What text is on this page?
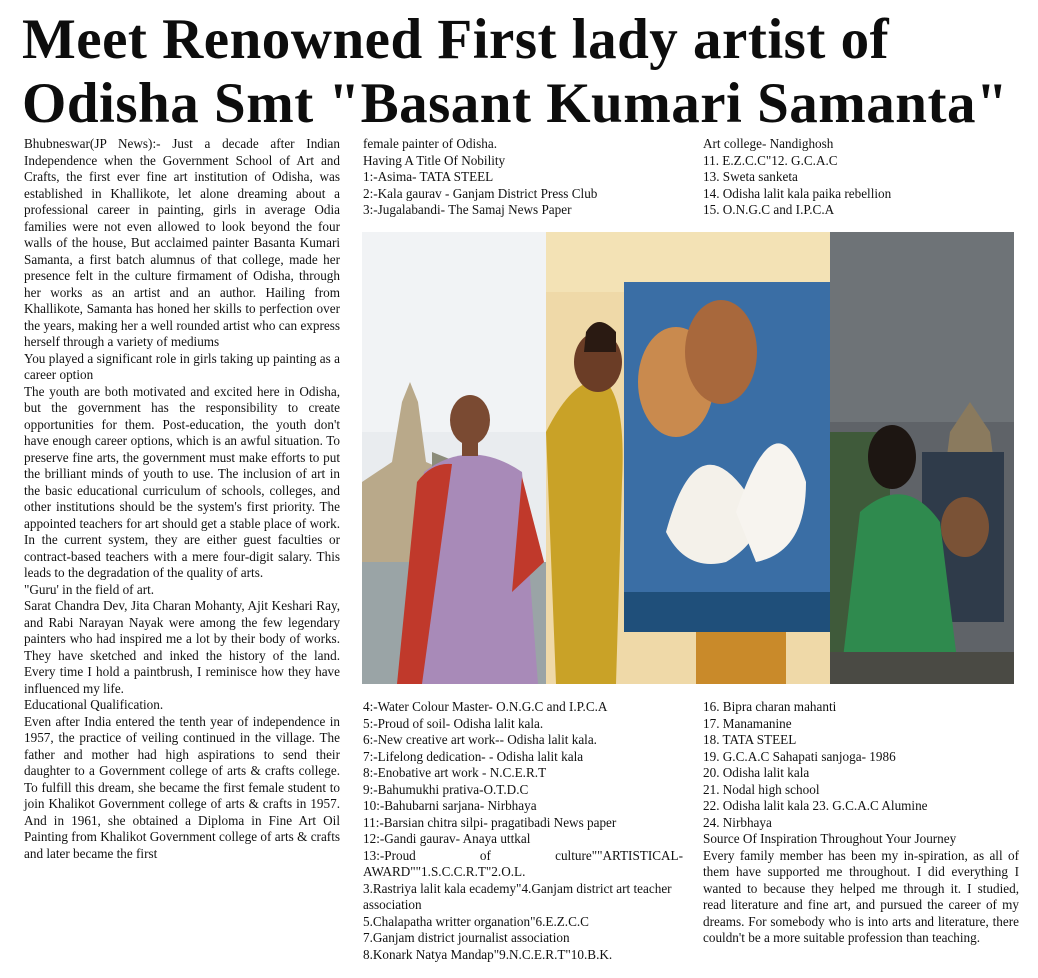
Meet Renowned First lady artist of
Odisha Smt "Basant Kumari Samanta"

Bhubneswar(JP News):- Just a decade after Indian Independence when the Government School of Art and Crafts, the first ever fine art institution of Odisha, was established in Khallikote, let alone dreaming about a professional career in painting, girls in average Odia families were not even allowed to look beyond the four walls of the house, But acclaimed painter Basanta Kumari Samanta, a first batch alumnus of that college, made her presence felt in the culture firmament of Odisha, through her works as an artist and an author. Hailing from Khallikote, Samanta has honed her skills to perfection over the years, making her a well rounded artist who can express herself through a variety of mediums

You played a significant role in girls taking up painting as a career option

The youth are both motivated and excited here in Odisha, but the government has the responsibility to create opportunities for them. Post-education, the youth don't have enough career options, which is an awful situation. To preserve fine arts, the government must make efforts to put the brilliant minds of youth to use. The inclusion of art in the basic educational curriculum of schools, colleges, and other institutions should be the system's first priority. The appointed teachers for art should get a stable place of work. In the current system, they are either guest faculties or contract-based teachers with a mere four-digit salary. This leads to the degradation of the quality of arts.

"Guru' in the field of art.

Sarat Chandra Dev, Jita Charan Mohanty, Ajit Keshari Ray, and Rabi Narayan Nayak were among the few legendary painters who had inspired me a lot by their body of works. They have sketched and inked the history of the land. Every time I hold a paintbrush, I reminisce how they have influenced my life.

Educational Qualification.

Even after India entered the tenth year of independence in 1957, the practice of veiling continued in the village. The father and mother had high aspirations to send their daughter to a Government college of arts & crafts college. To fulfill this dream, she became the first female student to join Khalikot Government college of arts & crafts in 1957. And in 1961, she obtained a Diploma in Fine Art Oil Painting from Khalikot Government college of arts & crafts and later became the first

female painter of Odisha.

Having A Title Of Nobility

1:-Asima- TATA STEEL

2:-Kala gaurav - Ganjam District Press Club

3:-Jugalabandi- The Samaj News Paper

Art college- Nandighosh

11. E.Z.C.C"12. G.C.A.C

13. Sweta sanketa

14. Odisha lalit kala paika rebellion

15. O.N.G.C and I.P.C.A

4:-Water Colour Master- O.N.G.C and I.P.C.A

5:-Proud of soil- Odisha lalit kala.

6:-New creative art work-- Odisha lalit kala.

7:-Lifelong dedication- - Odisha lalit kala

8:-Enobative art work - N.C.E.R.T

9:-Bahumukhi prativa-O.T.D.C

10:-Bahubarni sarjana- Nirbhaya

11:-Barsian chitra silpi- pragatibadi News paper

12:-Gandi gaurav- Anaya uttkal

13:-Proud of culture""ARTISTICAL-AWARD""1.S.C.C.R.T"2.O.L.

3.Rastriya lalit kala ecademy"4.Ganjam district art teacher association

5.Chalapatha writter organation"6.E.Z.C.C

7.Ganjam district journalist association

8.Konark Natya Mandap"9.N.C.E.R.T"10.B.K.

16. Bipra charan mahanti

17. Manamanine

18. TATA STEEL

19. G.C.A.C Sahapati sanjoga- 1986

20. Odisha lalit kala

21. Nodal high school

22. Odisha lalit kala 23. G.C.A.C Alumine

24. Nirbhaya

Source Of Inspiration Throughout Your Journey

Every family member has been my in-spiration, as all of them have supported me throughout. I did everything I wanted to because they helped me through it. I studied, read literature and fine art, and pursued the career of my dreams. For somebody who is into arts and literature, there couldn't be a more suitable profession than teaching.
